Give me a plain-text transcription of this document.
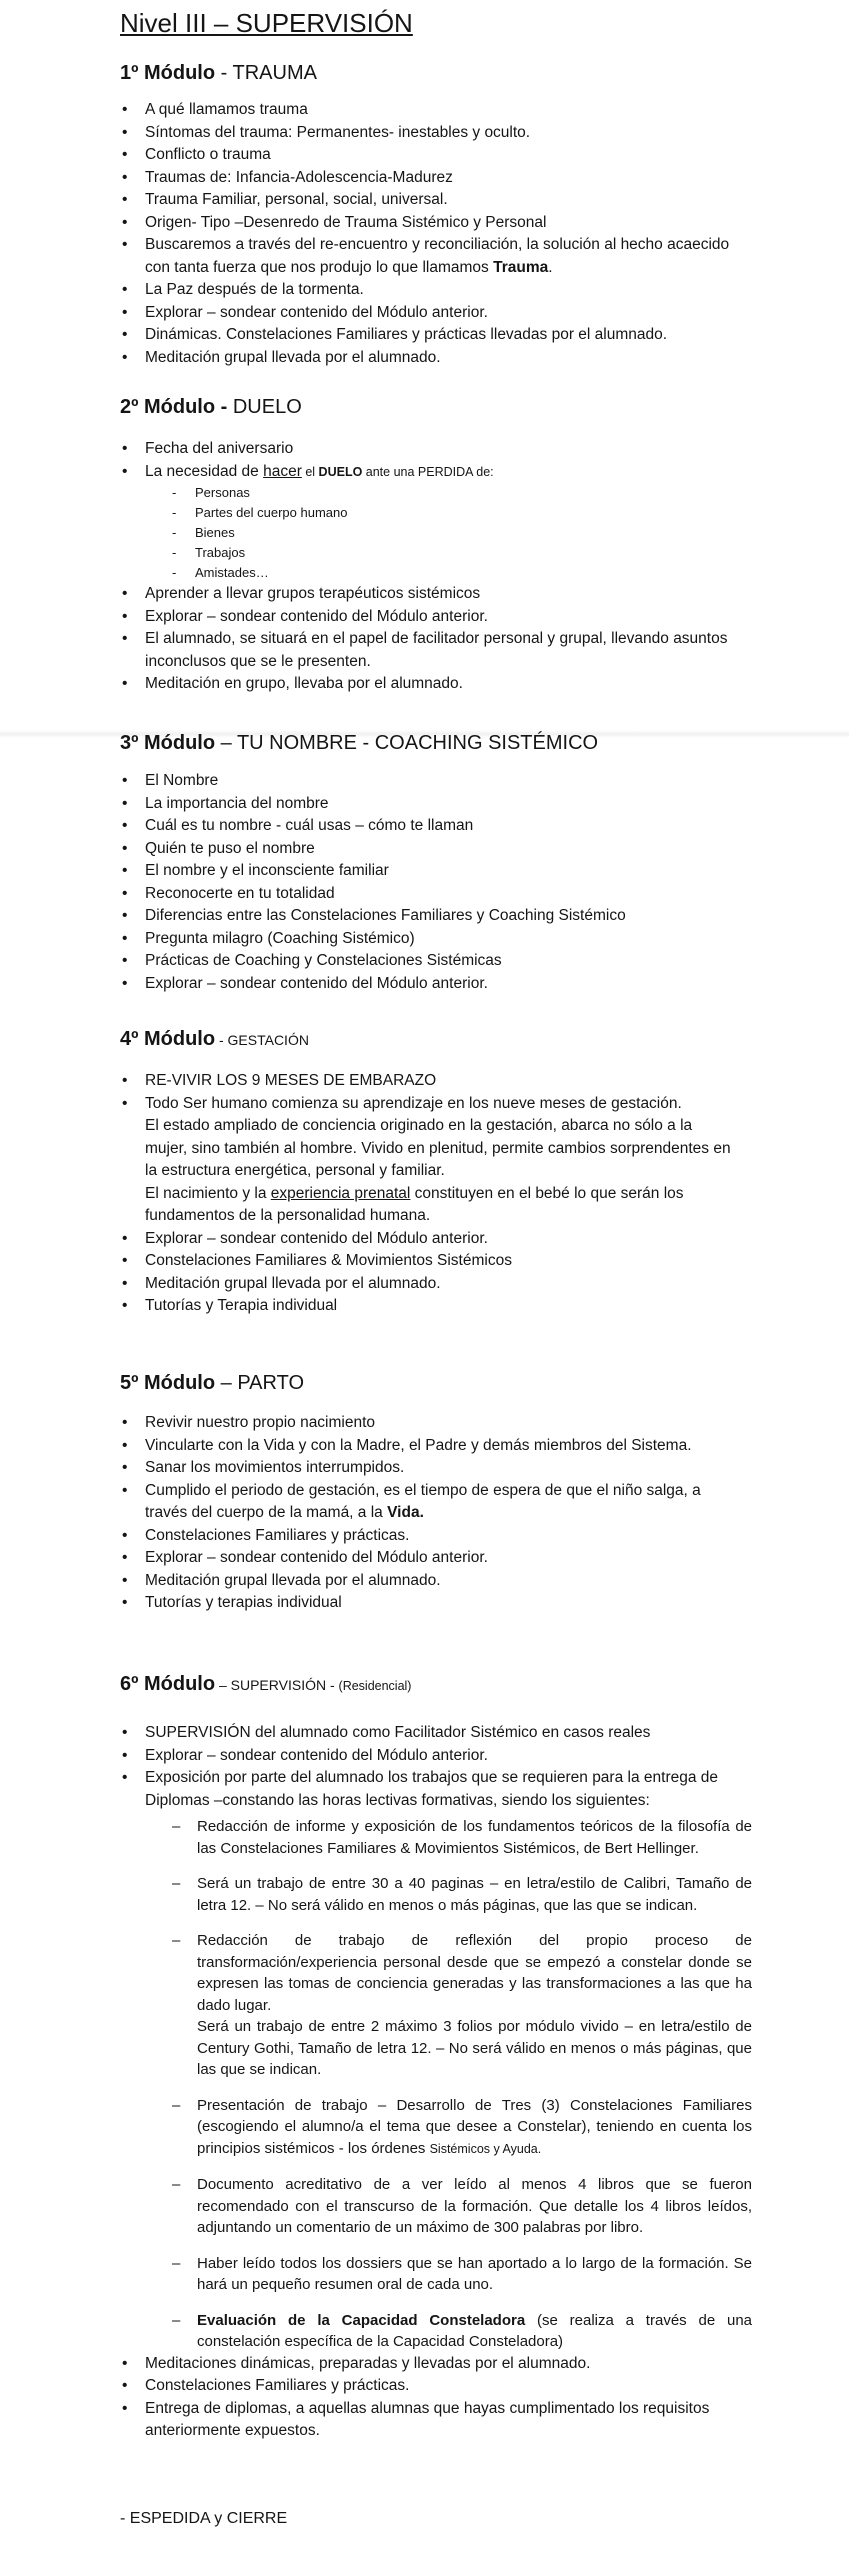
Nivel III – SUPERVISIÓN
1º Módulo - TRAUMA
• A qué llamamos trauma
• Síntomas del trauma: Permanentes- inestables y oculto.
• Conflicto o trauma
• Traumas de: Infancia-Adolescencia-Madurez
• Trauma Familiar, personal, social, universal.
• Origen- Tipo –Desenredo de Trauma Sistémico y Personal
• Buscaremos a través del re-encuentro y reconciliación, la solución al hecho acaecido con tanta fuerza que nos produjo lo que llamamos Trauma.
• La Paz después de la tormenta.
• Explorar – sondear contenido del Módulo anterior.
• Dinámicas. Constelaciones Familiares y prácticas llevadas por el alumnado.
• Meditación grupal llevada por el alumnado.
2º Módulo - DUELO
• Fecha del aniversario
• La necesidad de hacer el DUELO ante una PERDIDA de:
- Personas
- Partes del cuerpo humano
- Bienes
- Trabajos
- Amistades…
• Aprender a llevar grupos terapéuticos sistémicos
• Explorar – sondear contenido del Módulo anterior.
• El alumnado, se situará en el papel de facilitador personal y grupal, llevando asuntos inconclusos que se le presenten.
• Meditación en grupo, llevaba por el alumnado.
3º Módulo – TU NOMBRE - COACHING SISTÉMICO
• El Nombre
• La importancia del nombre
• Cuál es tu nombre - cuál usas – cómo te llaman
• Quién te puso el nombre
• El nombre y el inconsciente familiar
• Reconocerte en tu totalidad
• Diferencias entre las Constelaciones Familiares y Coaching Sistémico
• Pregunta milagro (Coaching Sistémico)
• Prácticas de Coaching y Constelaciones Sistémicas
• Explorar – sondear contenido del Módulo anterior.
4º Módulo - GESTACIÓN
• RE-VIVIR LOS 9 MESES DE EMBARAZO
• Todo Ser humano comienza su aprendizaje en los nueve meses de gestación.
El estado ampliado de conciencia originado en la gestación, abarca no sólo a la mujer, sino también al hombre. Vivido en plenitud, permite cambios sorprendentes en la estructura energética, personal y familiar.
El nacimiento y la experiencia prenatal constituyen en el bebé lo que serán los fundamentos de la personalidad humana.
• Explorar – sondear contenido del Módulo anterior.
• Constelaciones Familiares & Movimientos Sistémicos
• Meditación grupal llevada por el alumnado.
• Tutorías y Terapia individual
5º Módulo – PARTO
• Revivir nuestro propio nacimiento
• Vincularte con la Vida y con la Madre, el Padre y demás miembros del Sistema.
• Sanar los movimientos interrumpidos.
• Cumplido el periodo de gestación, es el tiempo de espera de que el niño salga, a través del cuerpo de la mamá, a la Vida.
• Constelaciones Familiares y prácticas.
• Explorar – sondear contenido del Módulo anterior.
• Meditación grupal llevada por el alumnado.
• Tutorías y terapias individual
6º Módulo – SUPERVISIÓN - (Residencial)
• SUPERVISIÓN del alumnado como Facilitador Sistémico en casos reales
• Explorar – sondear contenido del Módulo anterior.
• Exposición por parte del alumnado los trabajos que se requieren para la entrega de Diplomas –constando las horas lectivas formativas, siendo los siguientes:
– Redacción de informe y exposición de los fundamentos teóricos de la filosofía de las Constelaciones Familiares & Movimientos Sistémicos, de Bert Hellinger.
– Será un trabajo de entre 30 a 40 paginas – en letra/estilo de Calibri, Tamaño de letra 12. – No será válido en menos o más páginas, que las que se indican.
– Redacción de trabajo de reflexión del propio proceso de transformación/experiencia personal desde que se empezó a constelar donde se expresen las tomas de conciencia generadas y las transformaciones a las que ha dado lugar.
Será un trabajo de entre 2 máximo 3 folios por módulo vivido – en letra/estilo de Century Gothi, Tamaño de letra 12. – No será válido en menos o más páginas, que las que se indican.
– Presentación de trabajo – Desarrollo de Tres (3) Constelaciones Familiares (escogiendo el alumno/a el tema que desee a Constelar), teniendo en cuenta los principios sistémicos - los órdenes Sistémicos y Ayuda.
– Documento acreditativo de a ver leído al menos 4 libros que se fueron recomendado con el transcurso de la formación. Que detalle los 4 libros leídos, adjuntando un comentario de un máximo de 300 palabras por libro.
– Haber leído todos los dossiers que se han aportado a lo largo de la formación. Se hará un pequeño resumen oral de cada uno.
– Evaluación de la Capacidad Consteladora (se realiza a través de una constelación específica de la Capacidad Consteladora)
• Meditaciones dinámicas, preparadas y llevadas por el alumnado.
• Constelaciones Familiares y prácticas.
• Entrega de diplomas, a aquellas alumnas que hayas cumplimentado los requisitos anteriormente expuestos.
- ESPEDIDA y CIERRE
